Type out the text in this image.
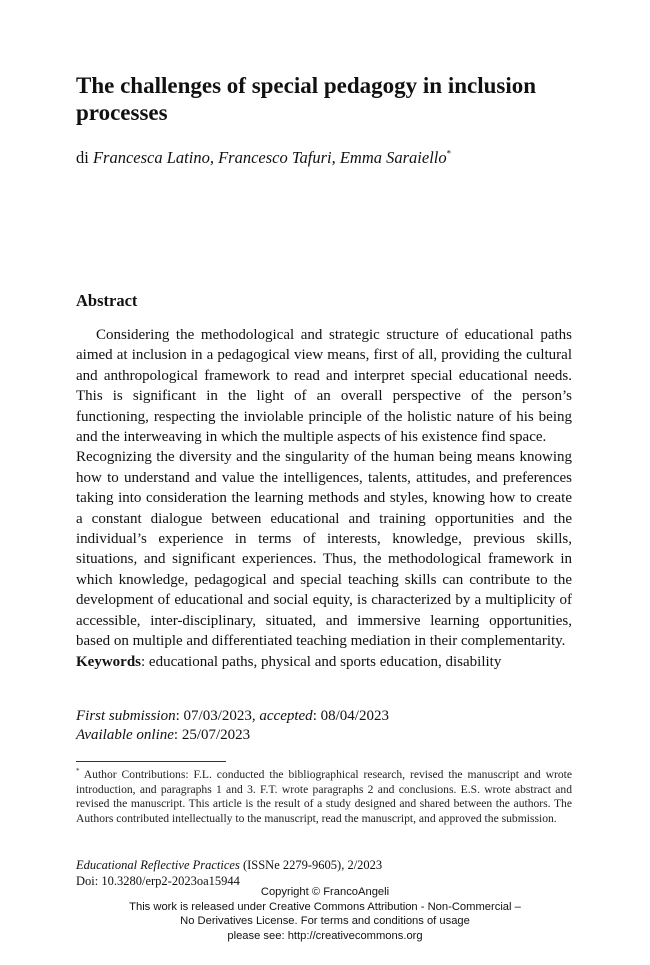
The challenges of special pedagogy in inclusion processes
di Francesca Latino, Francesco Tafuri, Emma Saraiello*
Abstract

Considering the methodological and strategic structure of educational paths aimed at inclusion in a pedagogical view means, first of all, providing the cultural and anthropological framework to read and interpret special educational needs. This is significant in the light of an overall perspective of the person’s functioning, respecting the inviolable principle of the holistic nature of his being and the interweaving in which the multiple aspects of his existence find space.

Recognizing the diversity and the singularity of the human being means knowing how to understand and value the intelligences, talents, attitudes, and preferences taking into consideration the learning methods and styles, knowing how to create a constant dialogue between educational and training opportunities and the individual’s experience in terms of interests, knowledge, previous skills, situations, and significant experiences. Thus, the methodological framework in which knowledge, pedagogical and special teaching skills can contribute to the development of educational and social equity, is characterized by a multiplicity of accessible, inter-disciplinary, situated, and immersive learning opportunities, based on multiple and differentiated teaching mediation in their complementarity.

Keywords: educational paths, physical and sports education, disability

First submission: 07/03/2023, accepted: 08/04/2023
Available online: 25/07/2023
* Author Contributions: F.L. conducted the bibliographical research, revised the manuscript and wrote introduction, and paragraphs 1 and 3. F.T. wrote paragraphs 2 and conclusions. E.S. wrote abstract and revised the manuscript. This article is the result of a study designed and shared between the authors. The Authors contributed intellectually to the manuscript, read the manuscript, and approved the submission.
Educational Reflective Practices (ISSNe 2279-9605), 2/2023
Doi: 10.3280/erp2-2023oa15944
Copyright © FrancoAngeli
This work is released under Creative Commons Attribution - Non-Commercial –
No Derivatives License. For terms and conditions of usage
please see: http://creativecommons.org
